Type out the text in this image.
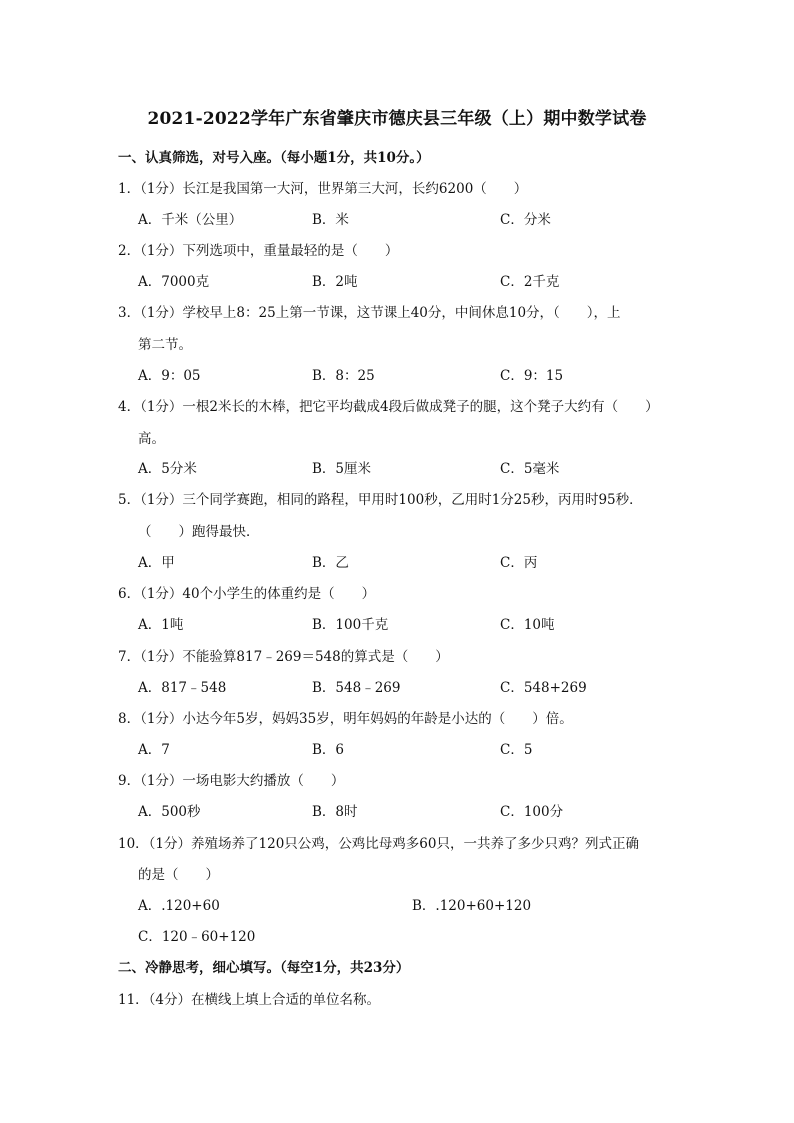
2021-2022学年广东省肇庆市德庆县三年级（上）期中数学试卷
一、认真筛选，对号入座。（每小题1分，共10分。）
1．（1分）长江是我国第一大河，世界第三大河，长约6200（　　）
A．千米（公里）	B．米	C．分米
2．（1分）下列选项中，重量最轻的是（　　）
A．7000克	B．2吨	C．2千克
3．（1分）学校早上8：25上第一节课，这节课上40分，中间休息10分，（　　），上
第二节。
A．9：05	B．8：25	C．9：15
4．（1分）一根2米长的木棒，把它平均截成4段后做成凳子的腿，这个凳子大约有（　　）
高。
A．5分米	B．5厘米	C．5毫米
5．（1分）三个同学赛跑，相同的路程，甲用时100秒，乙用时1分25秒，丙用时95秒．
（　　）跑得最快．
A．甲	B．乙	C．丙
6．（1分）40个小学生的体重约是（　　）
A．1吨	B．100千克	C．10吨
7．（1分）不能验算817﹣269＝548的算式是（　　）
A．817﹣548	B．548﹣269	C．548+269
8．（1分）小达今年5岁，妈妈35岁，明年妈妈的年龄是小达的（　　）倍。
A．7	B．6	C．5
9．（1分）一场电影大约播放（　　）
A．500秒	B．8时	C．100分
10．（1分）养殖场养了120只公鸡，公鸡比母鸡多60只，一共养了多少只鸡？列式正确
的是（　　）
A．.120+60	B．.120+60+120
C．120﹣60+120
二、冷静思考，细心填写。（每空1分，共23分）
11．（4分）在横线上填上合适的单位名称。
